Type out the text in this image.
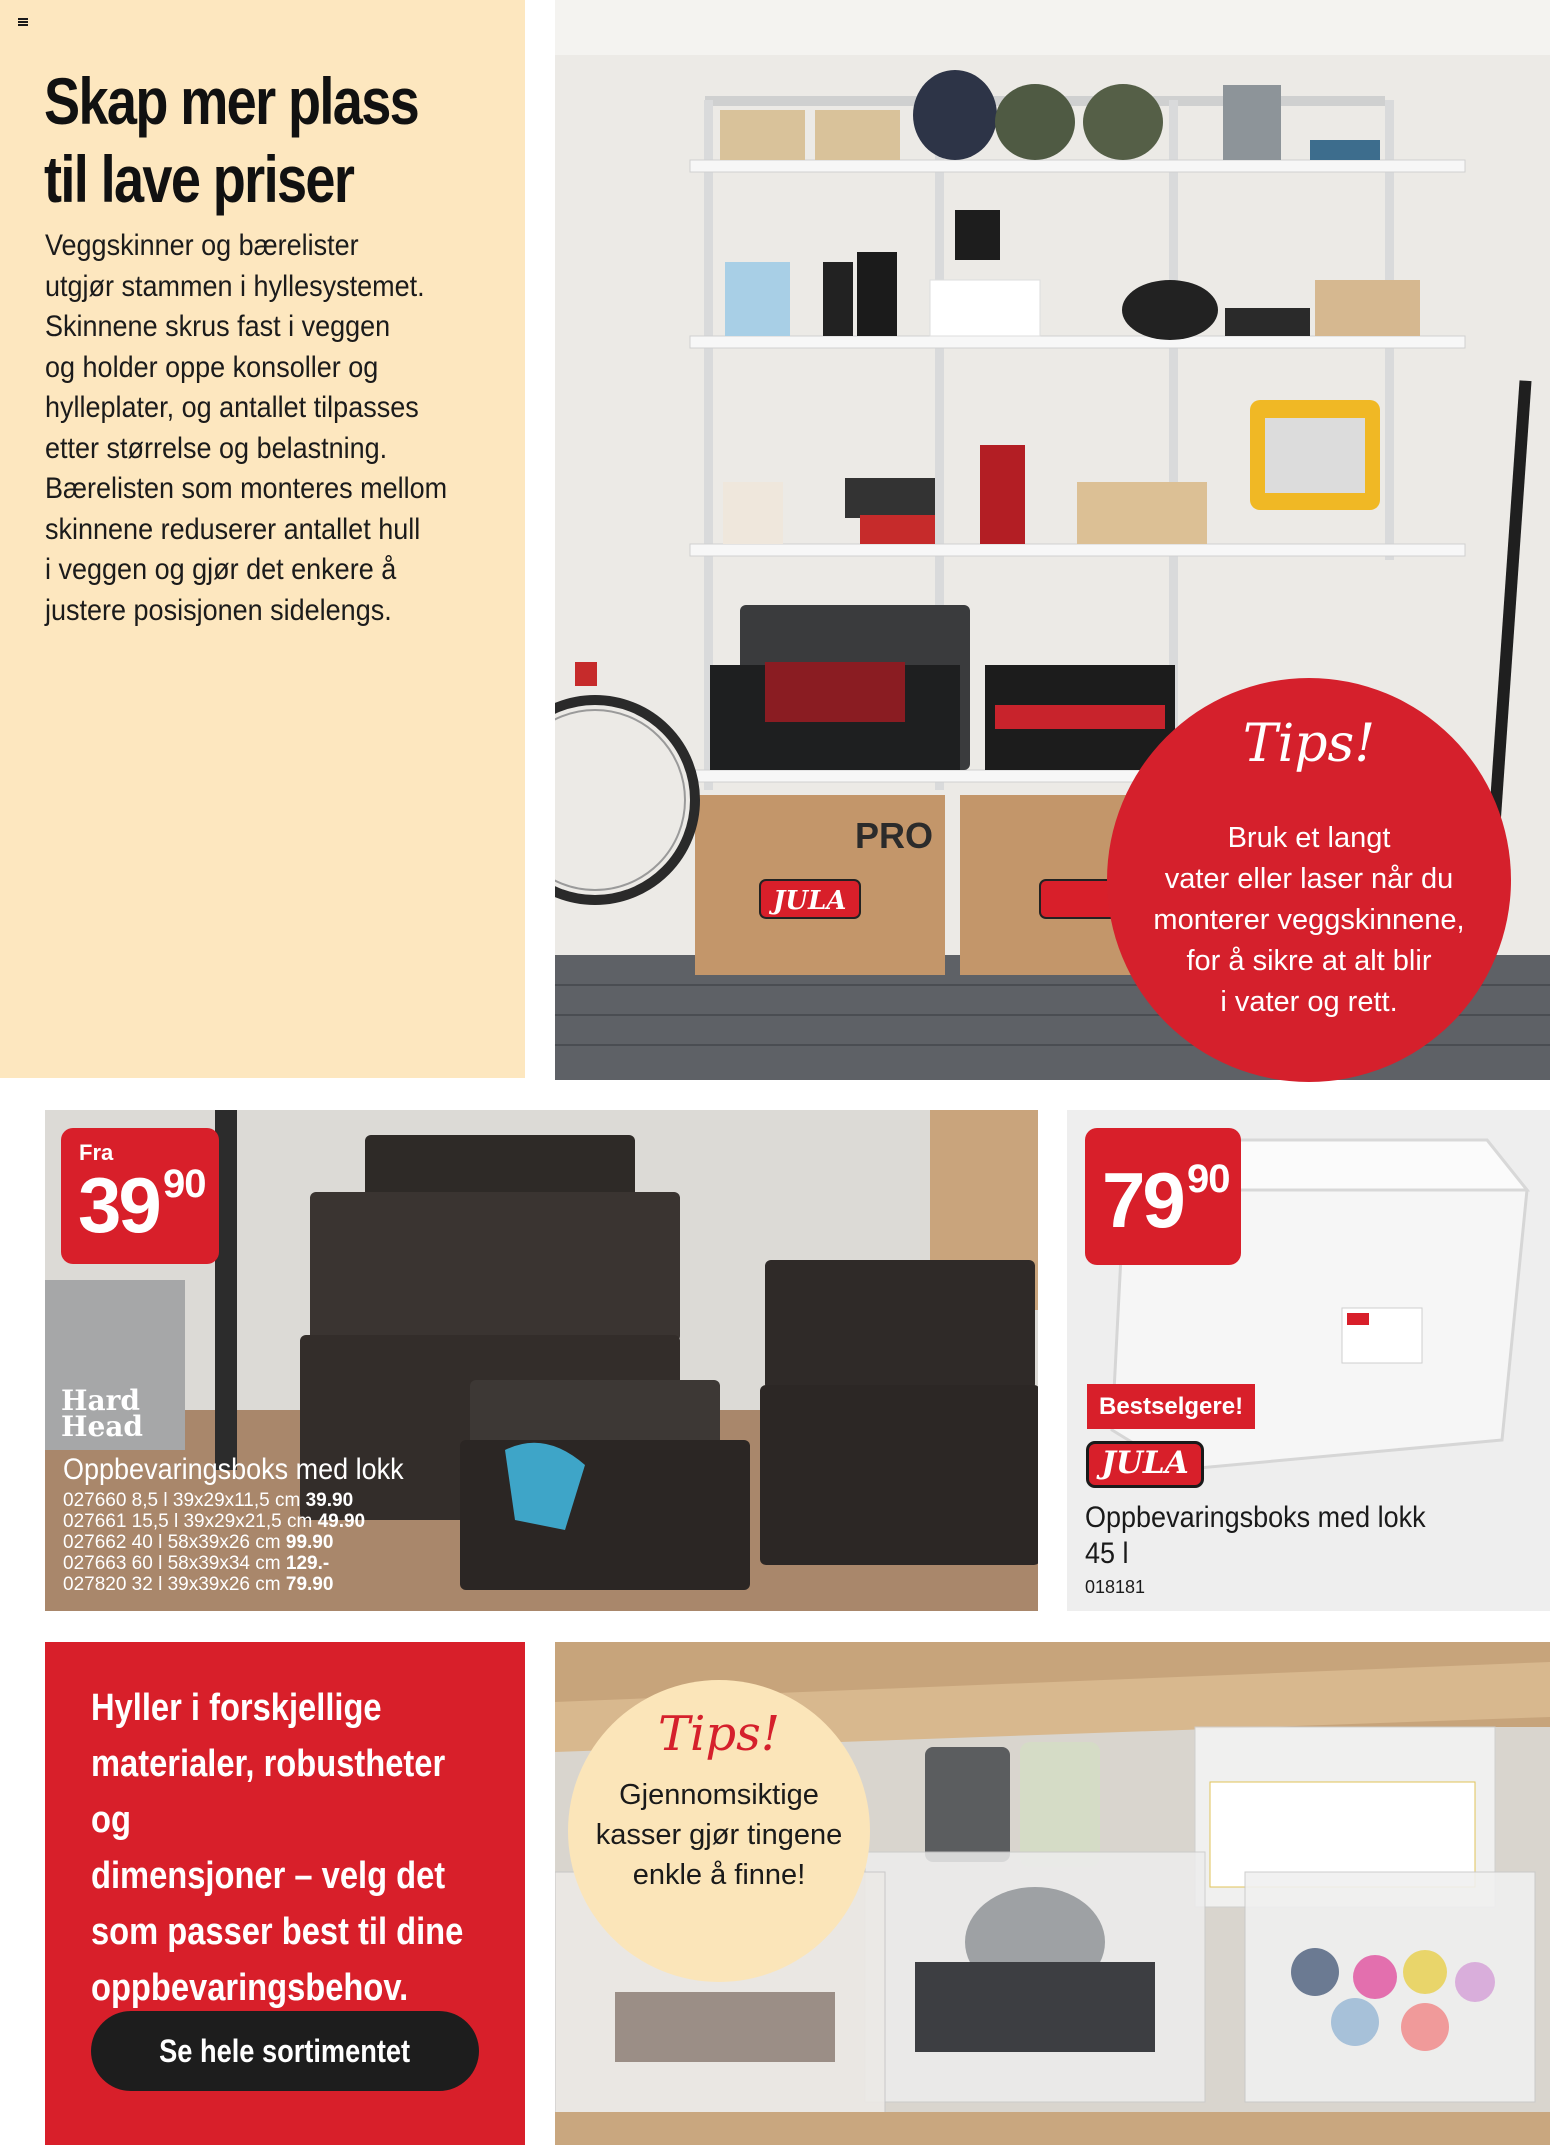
Skap mer plass
til lave priser

Veggskinner og bærelister
utgjør stammen i hyllesystemet.
Skinnene skrus fast i veggen
og holder oppe konsoller og
hylleplater, og antallet tilpasses
etter størrelse og belastning.
Bærelisten som monteres mellom
skinnene reduserer antallet hull
i veggen og gjør det enkere å
justere posisjonen sidelengs.

PRO
JULA
Tips!
Bruk et langt
vater eller laser når du
monterer veggskinnene,
for å sikre at alt blir
i vater og rett.
Fra
39 90
Hard
Head
Oppbevaringsboks med lokk
027660 8,5 l 39x29x11,5 cm 39.90
027661 15,5 l 39x29x21,5 cm 49.90
027662 40 l 58x39x26 cm 99.90
027663 60 l 58x39x34 cm 129.-
027820 32 l 39x39x26 cm 79.90
79 90
Bestselgere!
JULA
Oppbevaringsboks med lokk
45 l
018181

Hyller i forskjellige
materialer, robustheter og
dimensjoner – velg det
som passer best til dine
oppbevaringsbehov.

Se hele sortimentet
Tips!
Gjennomsiktige
kasser gjør tingene
enkle å finne!
